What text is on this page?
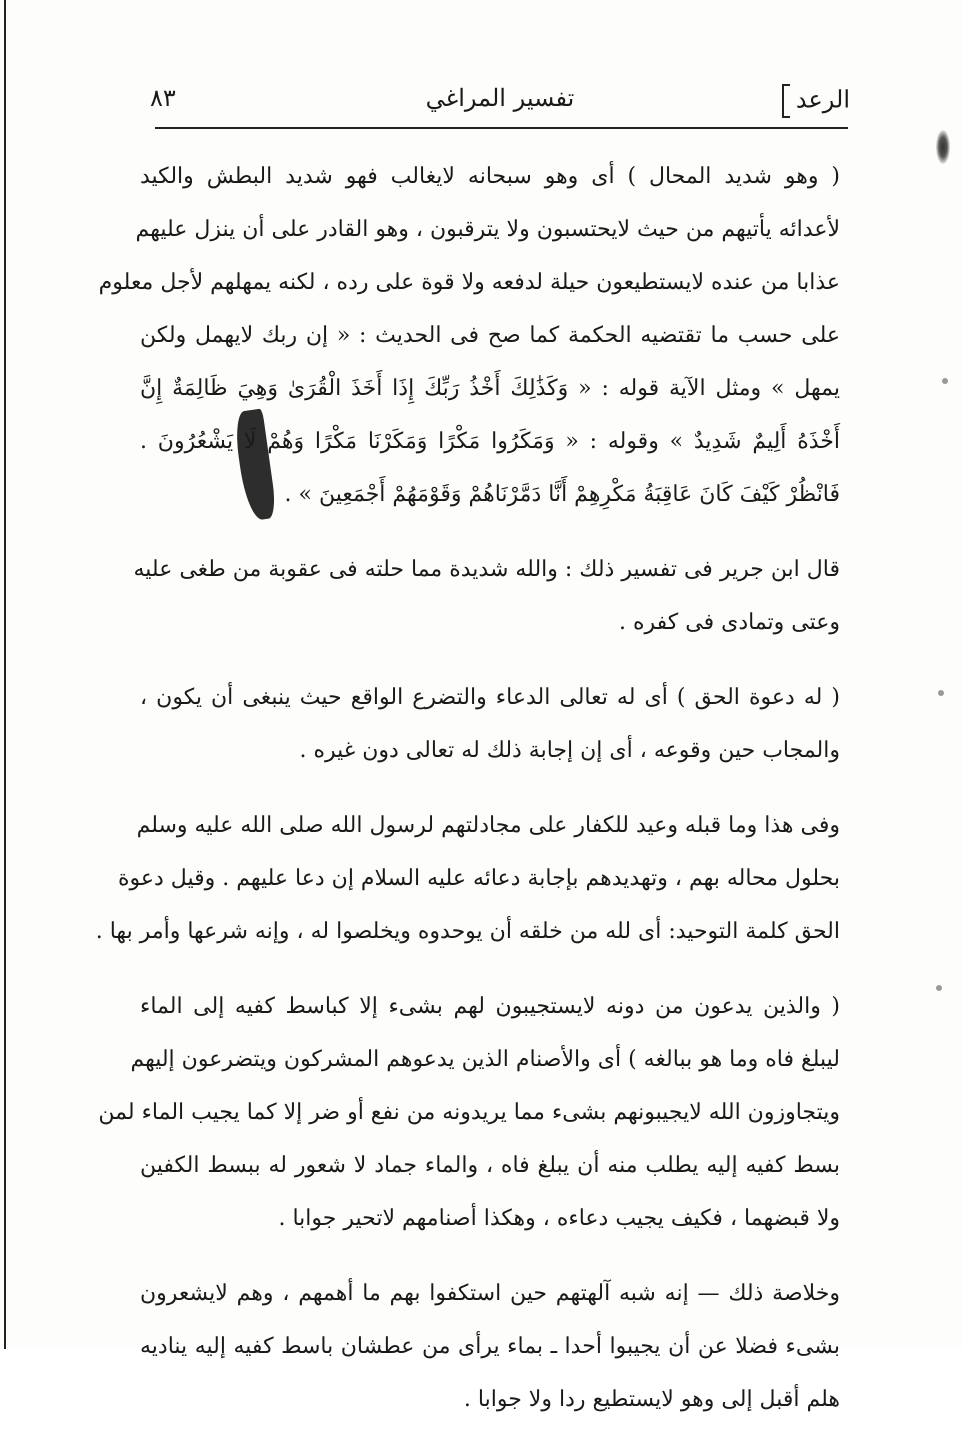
الرعد
تفسير المراغي
٨٣
( وهو شديد المحال ) أى وهو سبحانه لايغالب فهو شديد البطش والكيد
لأعدائه يأتيهم من حيث لايحتسبون ولا يترقبون ، وهو القادر على أن ينزل عليهم
عذابا من عنده لايستطيعون حيلة لدفعه ولا قوة على رده ، لكنه يمهلهم لأجل معلوم
على حسب ما تقتضيه الحكمة كما صح فى الحديث : « إن ربك لايهمل ولكن
يمهل » ومثل الآية قوله : « وَكَذَٰلِكَ أَخْذُ رَبِّكَ إِذَا أَخَذَ الْقُرَىٰ وَهِيَ ظَالِمَةٌ إِنَّ
أَخْذَهُ أَلِيمٌ شَدِيدٌ » وقوله : « وَمَكَرُوا مَكْرًا وَمَكَرْنَا مَكْرًا وَهُمْ لَا يَشْعُرُونَ .
فَانْظُرْ كَيْفَ كَانَ عَاقِبَةُ مَكْرِهِمْ أَنَّا دَمَّرْنَاهُمْ وَقَوْمَهُمْ أَجْمَعِينَ » .
قال ابن جرير فى تفسير ذلك : والله شديدة مما حلته فى عقوبة من طغى عليه
وعتى وتمادى فى كفره .
( له دعوة الحق ) أى له تعالى الدعاء والتضرع الواقع حيث ينبغى أن يكون ،
والمجاب حين وقوعه ، أى إن إجابة ذلك له تعالى دون غيره .
وفى هذا وما قبله وعيد للكفار على مجادلتهم لرسول الله صلى الله عليه وسلم
بحلول محاله بهم ، وتهديدهم بإجابة دعائه عليه السلام إن دعا عليهم . وقيل دعوة
الحق كلمة التوحيد: أى لله من خلقه أن يوحدوه ويخلصوا له ، وإنه شرعها وأمر بها .
( والذين يدعون من دونه لايستجيبون لهم بشىء إلا كباسط كفيه إلى الماء
ليبلغ فاه وما هو ببالغه ) أى والأصنام الذين يدعوهم المشركون ويتضرعون إليهم
ويتجاوزون الله لايجيبونهم بشىء مما يريدونه من نفع أو ضر إلا كما يجيب الماء لمن
بسط كفيه إليه يطلب منه أن يبلغ فاه ، والماء جماد لا شعور له ببسط الكفين
ولا قبضهما ، فكيف يجيب دعاءه ، وهكذا أصنامهم لاتحير جوابا .
وخلاصة ذلك — إنه شبه آلهتهم حين استكفوا بهم ما أهمهم ، وهم لايشعرون
بشىء فضلا عن أن يجيبوا أحدا ـ بماء يرأى من عطشان باسط كفيه إليه يناديه
هلم أقبل إلى وهو لايستطيع ردا ولا جوابا .
